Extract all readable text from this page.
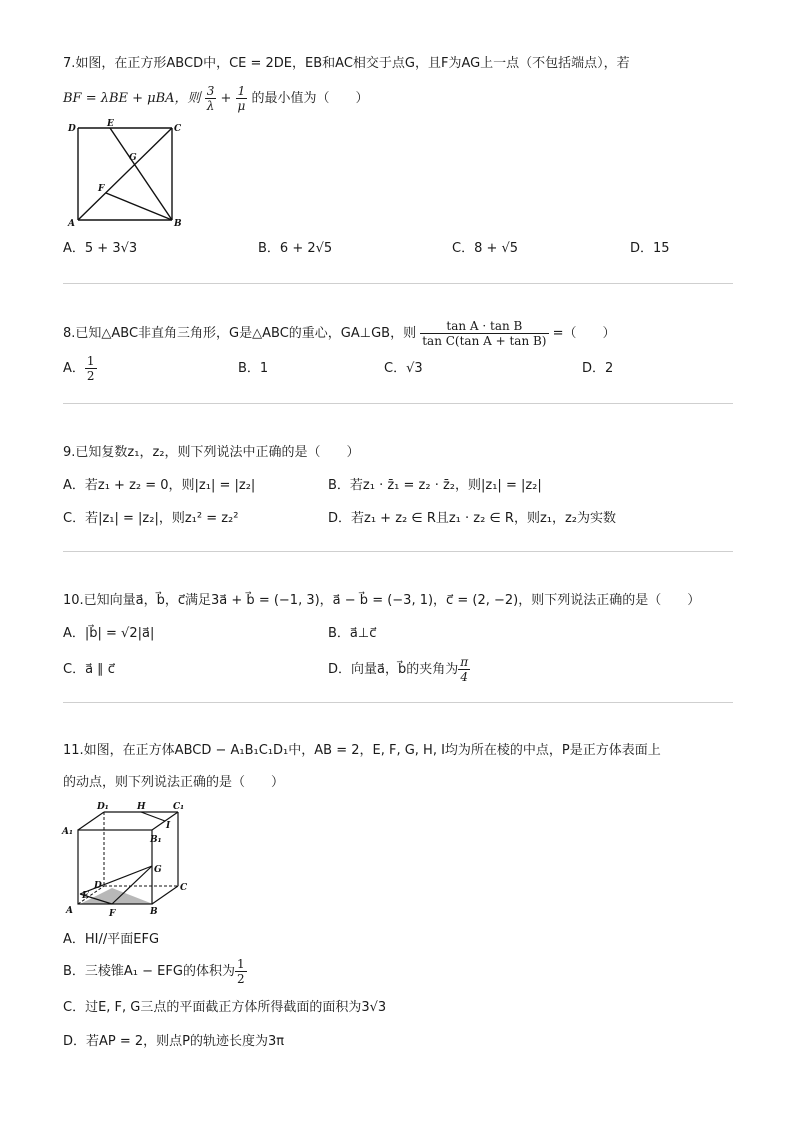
7.如图，在正方形ABCD中，CE = 2DE，EB和AC相交于点G，且F为AG上一点（不包括端点），若
BF = λBE + μBA，则 $\frac{3}{\lambda} + \frac{1}{\mu}$ 的最小值为（　　）
D	E	C
G
F
A	B
A．5 + 3√3	B．6 + 2√5	C．8 + √5	D．15
8.已知△ABC非直角三角形，G是△ABC的重心，GA⊥GB，则 $\frac{\text{tan A · tan B}}{\text{tan C(tan A + tan B)}}$ =（　　）
A． $\frac{1}{2}$	B．1	C．√3	D．2
9.已知复数z₁，z₂，则下列说法中正确的是（　　）
A．若z₁ + z₂ = 0，则|z₁| = |z₂|	B．若z₁ · z̄₁ = z₂ · z̄₂，则|z₁| = |z₂|
C．若|z₁| = |z₂|，则z₁² = z₂²	D．若z₁ + z₂ ∈ R且z₁ · z₂ ∈ R，则z₁，z₂为实数
10.已知向量a⃗，b⃗，c⃗满足3a⃗ + b⃗ = (−1, 3)，a⃗ − b⃗ = (−3, 1)，c⃗ = (2, −2)，则下列说法正确的是（　　）
A．|b⃗| = √2|a⃗|	B．a⃗⊥c⃗
C．a⃗ ∥ c⃗	D．向量a⃗，b⃗的夹角为 $\frac{\pi}{4}$
11.如图，在正方体ABCD − A₁B₁C₁D₁中，AB = 2，E, F, G, H, I均为所在棱的中点，P是正方体表面上
的动点，则下列说法正确的是（　　）
D₁	H	C₁
A₁
I
B₁
G
D	C
E
A	F	B
A．HI//平面EFG
B．三棱锥A₁ − EFG的体积为 $\frac{1}{2}$
C．过E, F, G三点的平面截正方体所得截面的面积为3√3
D．若AP = 2，则点P的轨迹长度为3π
